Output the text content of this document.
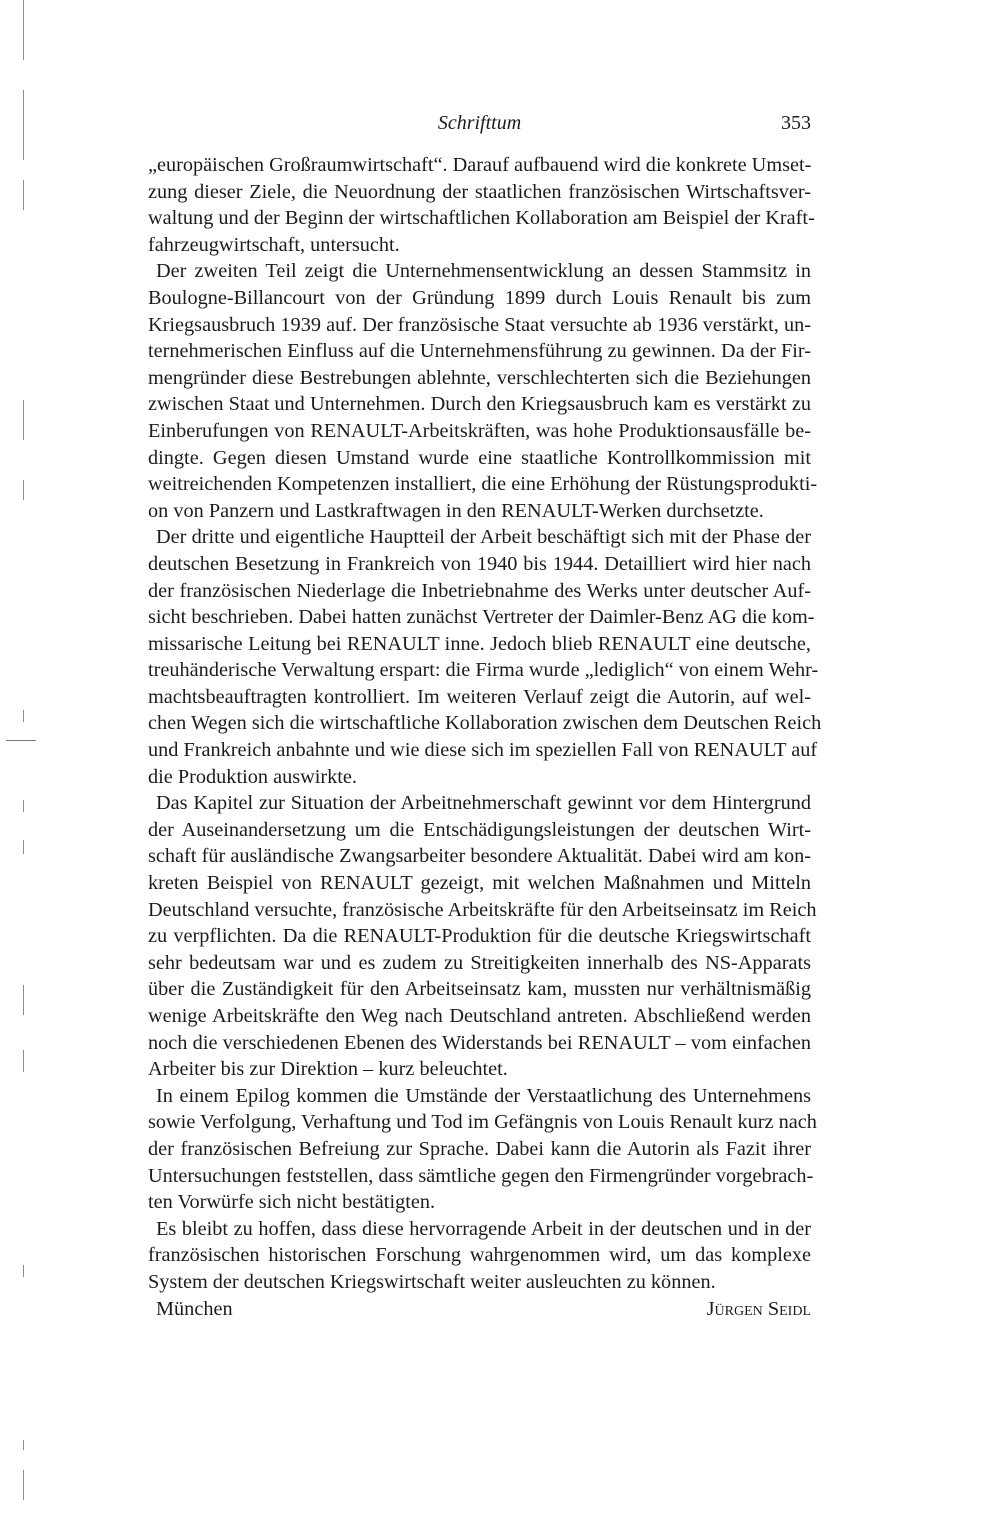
Schrifttum	353
„europäischen Großraumwirtschaft“. Darauf aufbauend wird die konkrete Umset-
zung dieser Ziele, die Neuordnung der staatlichen französischen Wirtschaftsver-
waltung und der Beginn der wirtschaftlichen Kollaboration am Beispiel der Kraft-
fahrzeugwirtschaft, untersucht.
Der zweiten Teil zeigt die Unternehmensentwicklung an dessen Stammsitz in
Boulogne-Billancourt von der Gründung 1899 durch Louis Renault bis zum
Kriegsausbruch 1939 auf. Der französische Staat versuchte ab 1936 verstärkt, un-
ternehmerischen Einfluss auf die Unternehmensführung zu gewinnen. Da der Fir-
mengründer diese Bestrebungen ablehnte, verschlechterten sich die Beziehungen
zwischen Staat und Unternehmen. Durch den Kriegsausbruch kam es verstärkt zu
Einberufungen von RENAULT-Arbeitskräften, was hohe Produktionsausfälle be-
dingte. Gegen diesen Umstand wurde eine staatliche Kontrollkommission mit
weitreichenden Kompetenzen installiert, die eine Erhöhung der Rüstungsprodukti-
on von Panzern und Lastkraftwagen in den RENAULT-Werken durchsetzte.
Der dritte und eigentliche Hauptteil der Arbeit beschäftigt sich mit der Phase der
deutschen Besetzung in Frankreich von 1940 bis 1944. Detailliert wird hier nach
der französischen Niederlage die Inbetriebnahme des Werks unter deutscher Auf-
sicht beschrieben. Dabei hatten zunächst Vertreter der Daimler-Benz AG die kom-
missarische Leitung bei RENAULT inne. Jedoch blieb RENAULT eine deutsche,
treuhänderische Verwaltung erspart: die Firma wurde „lediglich“ von einem Wehr-
machtsbeauftragten kontrolliert. Im weiteren Verlauf zeigt die Autorin, auf wel-
chen Wegen sich die wirtschaftliche Kollaboration zwischen dem Deutschen Reich
und Frankreich anbahnte und wie diese sich im speziellen Fall von RENAULT auf
die Produktion auswirkte.
Das Kapitel zur Situation der Arbeitnehmerschaft gewinnt vor dem Hintergrund
der Auseinandersetzung um die Entschädigungsleistungen der deutschen Wirt-
schaft für ausländische Zwangsarbeiter besondere Aktualität. Dabei wird am kon-
kreten Beispiel von RENAULT gezeigt, mit welchen Maßnahmen und Mitteln
Deutschland versuchte, französische Arbeitskräfte für den Arbeitseinsatz im Reich
zu verpflichten. Da die RENAULT-Produktion für die deutsche Kriegswirtschaft
sehr bedeutsam war und es zudem zu Streitigkeiten innerhalb des NS-Apparats
über die Zuständigkeit für den Arbeitseinsatz kam, mussten nur verhältnismäßig
wenige Arbeitskräfte den Weg nach Deutschland antreten. Abschließend werden
noch die verschiedenen Ebenen des Widerstands bei RENAULT – vom einfachen
Arbeiter bis zur Direktion – kurz beleuchtet.
In einem Epilog kommen die Umstände der Verstaatlichung des Unternehmens
sowie Verfolgung, Verhaftung und Tod im Gefängnis von Louis Renault kurz nach
der französischen Befreiung zur Sprache. Dabei kann die Autorin als Fazit ihrer
Untersuchungen feststellen, dass sämtliche gegen den Firmengründer vorgebrach-
ten Vorwürfe sich nicht bestätigten.
Es bleibt zu hoffen, dass diese hervorragende Arbeit in der deutschen und in der
französischen historischen Forschung wahrgenommen wird, um das komplexe
System der deutschen Kriegswirtschaft weiter ausleuchten zu können.
München	Jürgen Seidl
